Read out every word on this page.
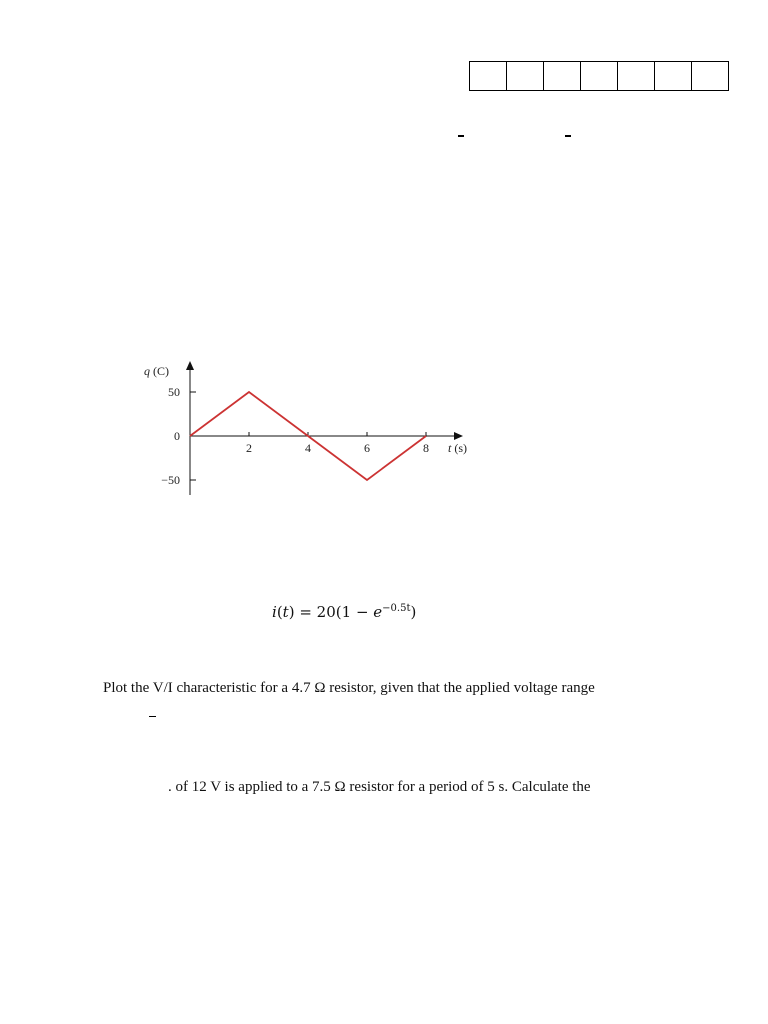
50
0
−50
2	4	6	8
q (C)
t (s)
$i(t) = 20(1 - e^{-0.5t})$
Plot the V/I characteristic for a 4.7 Ω resistor, given that the applied voltage range
. of 12 V is applied to a 7.5 Ω resistor for a period of 5 s. Calculate the
